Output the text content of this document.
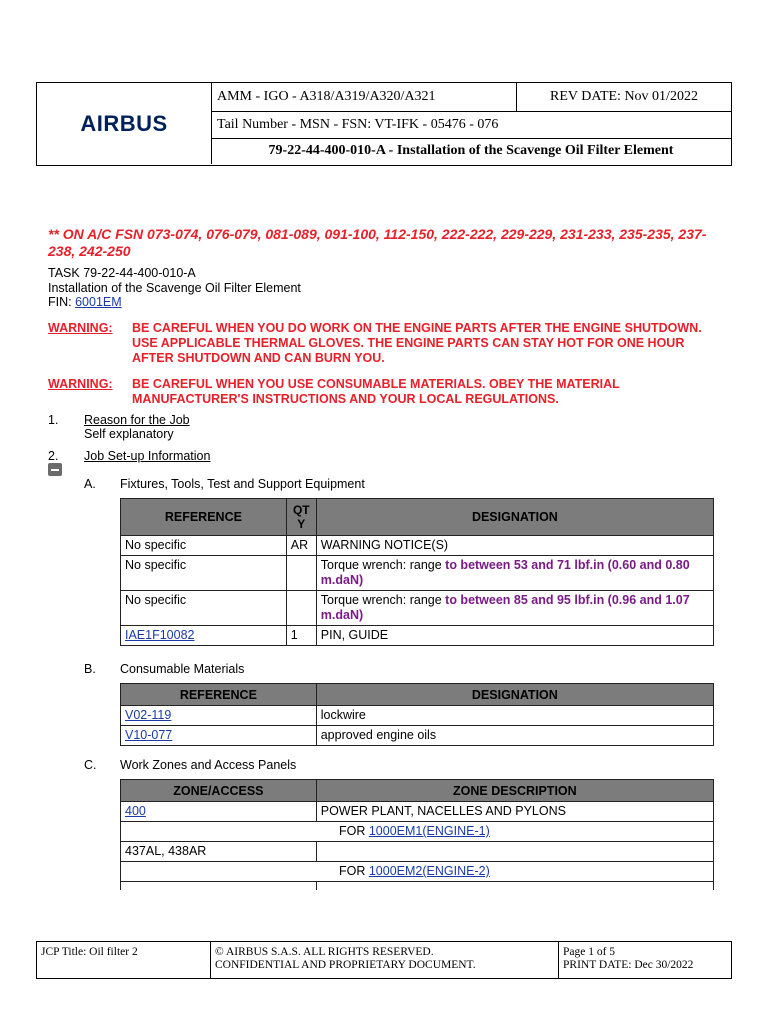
AIRBUS
AMM - IGO - A318/A319/A320/A321	REV DATE: Nov 01/2022
Tail Number - MSN - FSN: VT-IFK - 05476 - 076
79-22-44-400-010-A - Installation of the Scavenge Oil Filter Element
** ON A/C FSN 073-074, 076-079, 081-089, 091-100, 112-150, 222-222, 229-229, 231-233, 235-235, 237-238, 242-250
TASK 79-22-44-400-010-A
Installation of the Scavenge Oil Filter Element
FIN: 6001EM
WARNING: BE CAREFUL WHEN YOU DO WORK ON THE ENGINE PARTS AFTER THE ENGINE SHUTDOWN. USE APPLICABLE THERMAL GLOVES. THE ENGINE PARTS CAN STAY HOT FOR ONE HOUR AFTER SHUTDOWN AND CAN BURN YOU.
WARNING: BE CAREFUL WHEN YOU USE CONSUMABLE MATERIALS. OBEY THE MATERIAL MANUFACTURER'S INSTRUCTIONS AND YOUR LOCAL REGULATIONS.
1. Reason for the Job
Self explanatory
2. Job Set-up Information
A. Fixtures, Tools, Test and Support Equipment
REFERENCE	QT Y	DESIGNATION
No specific	AR	WARNING NOTICE(S)
No specific		Torque wrench: range to between 53 and 71 lbf.in (0.60 and 0.80 m.daN)
No specific		Torque wrench: range to between 85 and 95 lbf.in (0.96 and 1.07 m.daN)
IAE1F10082	1	PIN, GUIDE
B. Consumable Materials
REFERENCE	DESIGNATION
V02-119	lockwire
V10-077	approved engine oils
C. Work Zones and Access Panels
ZONE/ACCESS	ZONE DESCRIPTION
400	POWER PLANT, NACELLES AND PYLONS
FOR 1000EM1(ENGINE-1)	
437AL, 438AR	
FOR 1000EM2(ENGINE-2)	

JCP Title: Oil filter 2	© AIRBUS S.A.S. ALL RIGHTS RESERVED.
CONFIDENTIAL AND PROPRIETARY DOCUMENT.
Page 1 of 5
PRINT DATE: Dec 30/2022
